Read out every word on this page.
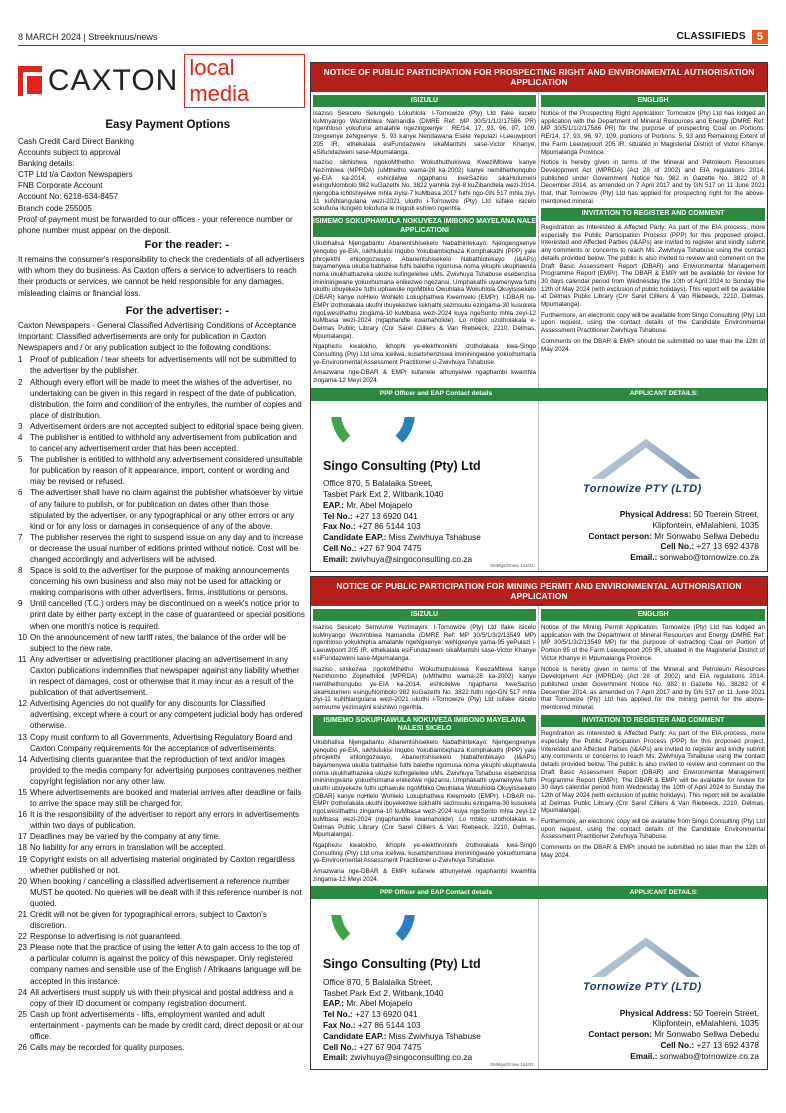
8 MARCH 2024 | Streeknuus/news	CLASSIFIEDS	5
CAXTON local media
Easy Payment Options
Cash Credit Card Direct Banking
Accounts subject to approval
Banking details:
CTP Ltd t/a Caxton Newspapers
FNB Corporate Account
Account No: 6218-634-8457
Branch code 255005
Proof of payment must be forwarded to our offices - your reference number or phone number must appear on the deposit.
For the reader: -
It remains the consumer's responsibility to check the credentials of all advertisers with whom they do business. As Caxton offers a service to advertisers to reach their products or services, we cannot be held responsible for any damages, misleading claims or financial loss.
For the advertiser: -
Caxton Newspapers - General Classified Advertising Conditions of Acceptance Important: Classified advertisements are only for publication in Caxton Newspapers and / or any publication subject to the following conditions:
1 Proof of publication / tear sheets for advertisements will not be submitted to the advertiser by the publisher.
2 Although every effort will be made to meet the wishes of the advertiser, no undertaking can be given in this regard in respect of the date of publication, distribution, the form and condition of the entry/ies, the number of copies and place of distribution.
3 Advertisement orders are not accepted subject to editorial space being given.
4 The publisher is entitled to withhold any advertisement from publication and to cancel any advertisement order that has been accepted.
5 The publisher is entitled to withhold any advertisement considered unsuitable for publication by reason of it appearance, import, content or wording and may be revised or refused.
6 The advertiser shall have no claim against the publisher whatsoever by virtue of any failure to publish, or for publication on dates other than those stipulated by the advertiser, or any typographical or any other errors or any kind or for any loss or damages in consequence of any of the above.
7 The publisher reserves the right to suspend issue on any day and to increase or decrease the usual number of editions printed without notice. Cost will be changed accordingly and advertisers will be advised.
8 Space is sold to the advertiser for the purpose of making announcements concerning his own business and also may not be used for attacking or making comparisons with other advertisers, firms, institutions or persons.
9 Until cancelled (T.C.) orders may be discontinued on a week's notice prior to print date by either party except in the case of guaranteed or special positions when one month's notice is required.
10 On the announcement of new tariff rates, the balance of the order will be subject to the new rate.
11 Any advertiser or advertising practitioner placing an advertisement in any Caxton publications indemnifies that newspaper against any liability whether in respect of damages, cost or otherwise that it may incur as a result of the publication of that advertisement.
12 Advertising Agencies do not qualify for any discounts for Classified advertising, except where a court or any competent judicial body has ordered otherwise.
13 Copy must conform to all Governments, Advertising Regulatory Board and Caxton Company requirements for the acceptance of advertisements.
14 Advertising clients guarantee that the reproduction of text and/or images provided to the media company for advertising purposes contravenes neither copyright legislation nor any other law.
15 Where advertisements are booked and material arrives after deadline or fails to arrive the space may still be charged for.
16 It is the responsibility of the advertiser to report any errors in advertisements within two days of publication.
17 Deadlines may be varied by the company at any time.
18 No liability for any errors in translation will be accepted.
19 Copyright exists on all advertising material originated by Caxton regardless whether published or not.
20 When booking / cancelling a classified advertisement a reference number MUST be quoted. No queries will be dealt with if this reference number is not quoted.
21 Credit will not be given for typographical errors, subject to Caxton's discretion.
22 Response to advertising is not guaranteed.
23 Please note that the practice of using the letter A to gain access to the top of a particular column is against the policy of this newspaper. Only registered company names and sensible use of the English / Afrikaans language will be accepted in this instance.
24 All advertisers must supply us with their physical and postal address and a copy of their ID document or company registration document.
25 Cash up front advertisements - lifts, employment wanted and adult entertainment - payments can be made by credit card, direct deposit or at our office.
26 Calls may be recorded for quality purposes.
NOTICE OF PUBLIC PARTICIPATION FOR PROSPECTING RIGHT AND ENVIRONMENTAL AUTHORISATION APPLICATION
ISIZULU
Isaziso Sesicelo Selungelo Lokuhlola: I-Tornowize (Pty) Ltd ifake isicelo kuMnyango Wezimbiwa Namandla (DMRE Ref: MP 30/5/1/1/2/17586 PR) ngenhloso yokufuna amalahle ngezingxenye : RE/14, 17, 93, 96, 97, 109, Izingxenye zeNgxenye: 5, 93 kanye Nendawana Esele Yepulazi i-Leeuwpoort 205 IR, ethekalala esiFundazweni sikaMantshi sase-Victor Khanye, eSifundazweni sase-Mpumalanga.
Isaziso sikhishwa ngokoMthetho Wokuthuthukiswa KweziMbiwa kanye Nezimbiwa (MPRDA) (uMthetho wama-28 ka-2002) kanye nemithethonqubo ye-EIA ka-2014, eshicilelwe ngaphansi kweSaziso sikaHulumeni esinguNombolo 982 kuGazethi No. 3822 yamhla ziyi-8 kuZibandlela wezi-2014, njengoba ichitshiyelwe mhla ziyisi-7 kuMbasa 2017 futhi ngo-GN 517 mhla ziyi-11 kuNhlangulana wezi-2021 ukuthi i-Tornowize (Pty) Ltd isifake isicelo sokufuna ilungelo lokufuna le migodi eshiwo ngenhla.
ISIMEMO SOKUPHAWULA NOKUVEZA IMIBONO MAYELANA NALE APPLICATIONI
Ukubhalisa Njengabantu Abanentshisekelo Nabathintekayo: Njengengxenye yenqubo ye-EIA, iukhlulukisi Inqubo Yokubambiqhaza Komphakathi (PPP) yale phrojekthi ehlongozwayo, Abanentshisekelo Nabathintekayo (I&APs) bayamenywa ukuba babhalise futhi balethe ngomusa noma yikuphi ukuphawula noma ukukhathazeka ukuze kufingelelwe uMs. Zwivhuya Tshabuse esebenzisa imininingwane yokuxhumana enikezwe ngezansi. Umphakathi uyamenywa futhi ukuthi ubuyekeze futhi uphawule ngoMbiko Owuhlaka Wokuhlola Okuyisisekelo (DBAR) kanye noHlelo Wohlelo Lokuphathwa Kwemvelo (EMPr). I-DBAR ne-EMPr izotholakala ukuthi ibuyekezwe isikhathi sezinsuku ezingama-30 kusukela ngoLwesithathu zingama-10 kuMbasa wezi-2024 kuya ngeSonto mhla zeyi-12 kuMbasa wezi-2024 (ngaphandle kwamaholide). Lo mbiko uzotholakala e-Delmas Public Library (Cnr Sarel Cilliers & Van Riebeeck, 2210, Delmas, Mpumalanga).
Ngaphezu kwalokho, ikhophi ye-elekthronikhi izotholakala kwa-Singo Consulting (Pty) Ltd uma iceliwa, kusetshenziswa imininingwane yokuxhumana ye-Environmental Assessment Practitioner u-Zwivhuya Tshabuse.
Amazwana nge-DBAR & EMPr kufanele athunyelwe ngaphambi kwamhla zingama-12 Meyi 2024.
ENGLISH
Notice of the Prospecting Right Application: Tornowize (Pty) Ltd has lodged an application with the Department of Mineral Resources and Energy (DMRE Ref: MP 30/5/1/1/2/17586 PR) for the purpose of prospecting Coal on Portions: RE/14, 17, 93, 96, 97, 109, portions of Portions: 5, 93 and Remaining Extent of the Farm Leeuwpoort 205 IR, situated in Magisterial District of Victor Khanye, Mpumalanga Province.
Notice is hereby given in terms of the Mineral and Petroleum Resources Development Act (MPRDA) (Act 28 of 2002) and EIA regulations 2014, published under Government Notice No. 982 in Gazette No. 3822 of 8 December 2014, as amended on 7 April 2017 and by GN 517 on 11 June 2021 that, that Tornowize (Pty) Ltd has applied for prospecting right for the above-mentioned mineral.
INVITATION TO REGISTER AND COMMENT
Registration as Interested & Affected Party: As part of the EIA process, more especially the Public Participation Process (PPP) for this proposed project, Interested and Affected Parties (I&APs) are invited to register and kindly submit any comments or concerns to reach Ms. Zwivhuya Tshabuse using the contact details provided below. The public is also invited to review and comment on the Draft Basic Assessment Report (DBAR) and Environmental Management Programme Report (EMPr). The DBAR & EMPr will be available for review for 30 days calendar period from Wednesday the 10th of April 2024 to Sunday the 12th of May 2024 (with exclusion of public holidays). This report will be available at Delmas Public Library (Cnr Sarel Cilliers & Van Riebeeck, 2210, Delmas, Mpumalanga).
Furthermore, an electronic copy will be available from Singo Consulting (Pty) Ltd upon request, using the contact details of the Candidate Environmental Assessment Practitioner Zwivhuya Tshabuse.
Comments on the DBAR & EMPr should be submitted no later than the 12th of May 2024.
PPP Officer and EAP Contact details	APPLICANT DETAILS:
Singo Consulting (Pty) Ltd
Office 870, 5 Balalaika Street,
Tasbet Park Ext 2, Witbank,1040
EAP.: Mr. Abel Mojapelo
Tel No.: +27 13 6920 041
Fax No.: +27 86 5144 103
Candidate EAP.: Miss Zwivhuya Tshabuse
Cell No.: +27 67 904 7475
Email: zwivhuya@singoconsulting.co.za
SMMga/Gmee 144/31
Tornowize PTY (LTD)
Physical Address: 50 Toerein Street,
Klipfontein, eMalahleni, 1035
Contact person: Mr Sonwabo Sellwa Debedu
Cell No.: +27 13 692 4378
Email.: sonwabo@tornowize.co.za
NOTICE OF PUBLIC PARTICIPATION FOR MINING PERMIT AND ENVIRONMENTAL AUTHORISATION APPLICATION
ISIZULU
Isaziso Sesicelo Semvume Yezimayini: I-Tornowize (Pty) Ltd ifake isicelo kuMnyango Wezimbiwa Namandla (DMRE Ref: MP 30/5/1/3/2/13549 MP) ngenhloso yokukhipha amalahle ngeNgxenye: weNgxenye yama-95 yePulazi i-Leeuwpoort 205 IR, ethekalala esiFundazweni sikaMantshi sase-Victor Khanye esiFundazweni sase-Mpumalanga.
Isaziso sinikezwa ngokoMthetho Wokuthuthukiswa KwezaMbiwa kanye Nezithombo Zophethiloli (MPRDA) (uMthetho wama-28 ka-2002) kanye nemithethonqubo ye-EIA ka-2014, eshicilelwe ngaphansi kweSaziso sikaHulumeni esinguNombolo 982 kuGazethi No. 3822 futhi ngo-GN 517 mhla ziyi-11 kuNhlangulana wezi-2021 ukuthi i-Tornowize (Pty) Ltd isifake isicelo semvume yezimayini esishiwo ngenhla.
ISIMEMO SOKUPHAWULA NOKUVEZA IMIBONO MAYELANA NALESI SICELO
Ukubhalisa Njengabantu Abanentshisekelo Nabathintekayo: Njengengxenye yenqubo ye-EIA, iukhlulukisi Inqubo Yokubambiqhaza Komphakathi (PPP) yale phrojekthi ehlongozwayo, Abanentshisekelo Nabathintekayo (I&APs) bayamenywa ukuba babhalise futhi balethe ngomusa noma yikuphi ukuphawula noma ukukhathazeka ukuze kufingelelwe uMs. Zwivhuya Tshabuse esebenzisa imininingwane yokuxhumana enikezwe ngezansi. Umphakathi uyamenywa futhi ukuthi ubuyekeze futhi uphawule ngoMbiko Owuhlaka Wokuhlola Okuyisisekelo (DBAR) kanye noHlelo Wohlelo Lokuphathwa Kwemvelo (EMPr). I-DBAR ne-EMPr izotholakala ukuthi ibuyekezwe isikhathi sezinsuku ezingama-30 kusukela ngoLwesithathu zingama-10 kuMbasa wezi-2024 kuya ngeSonto mhla zeyi-12 kuMbasa wezi-2024 (ngaphandle kwamaholide). Lo mbiko uzotholakala e-Delmas Public Library (Cnr Sarel Cilliers & Van Riebeeck, 2210, Delmas, Mpumalanga).
Ngaphezu kwalokho, ikhophi ye-elekthronikhi izotholakala kwa-Singo Consulting (Pty) Ltd uma iceliwa, kusetshenziswa imininingwane yokuxhumana ye-Environmental Assessment Practitioner u-Zwivhuya Tshabuse.
Amazwana nge-DBAR & EMPr kufanele athunyelwe ngaphambi kwamhla zingama-12 Meyi 2024.
ENGLISH
Notice of the Mining Permit Application: Tornowize (Pty) Ltd has lodged an application with the Department of Mineral Resources and Energy (DMRE Ref: MP 30/5/1/3/2/13549 MP) for the purpose of extracting Coal on Portion of Portion 95 of the Farm Leeuwpoort 205 IR, situated in the Magisterial District of Victor Khanye in Mpumalanga Province.
Notice is hereby given in terms of the Mineral and Petroleum Resources Development Act (MPRDA) (Act 28 of 2002) and EIA regulations 2014, published under Government Notice No. 982 in Gazette No. 38282 of 4 December 2014, as amended on 7 April 2017 and by GN 517 on 11 June 2021 that Tornowize (Pty) Ltd has applied for the mining permit for the above-mentioned mineral.
INVITATION TO REGISTER AND COMMENT
Registration as Interested & Affected Party: As part of the EIA process, more especially the Public Participation Process (PPP) for this proposed project, Interested and Affected Parties (I&APs) are invited to register and kindly submit any comments or concerns to reach Ms. Zwivhuya Tshabuse using the contact details provided below. The public is also invited to review and comment on the Draft Basic Assessment Report (DBAR) and Environmental Management Programme Report (EMPr). The DBAR & EMPr will be available for review for 30 days calendar period from Wednesday the 10th of April 2024 to Sunday the 12th of May 2024 (with exclusion of public holidays). This report will be available at Delmas Public Library (Cnr Sarel Cilliers & Van Riebeeck, 2210, Delmas, Mpumalanga).
Furthermore, an electronic copy will be available from Singo Consulting (Pty) Ltd upon request, using the contact details of the Candidate Environmental Assessment Practitioner Zwivhuya Tshabuse.
Comments on the DBAR & EMPr should be submitted no later than the 12th of May 2024.
PPP Officer and EAP Contact details	APPLICANT DETAILS:
Singo Consulting (Pty) Ltd
Office 870, 5 Balalaika Street,
Tasbet Park Ext 2, Witbank,1040
EAP.: Mr. Abel Mojapelo
Tel No.: +27 13 6920 041
Fax No.: +27 86 5144 103
Candidate EAP.: Miss Zwivhuya Tshabuse
Cell No.: +27 67 904 7475
Email: zwivhuya@singoconsulting.co.za
SMMga/Gmee 144/31
Tornowize PTY (LTD)
Physical Address: 50 Toerein Street,
Klipfontein, eMalahleni, 1035
Contact person: Mr Sonwabo Sellwa Debedu
Cell No.: +27 13 692 4378
Email.: sonwabo@tornowize.co.za
